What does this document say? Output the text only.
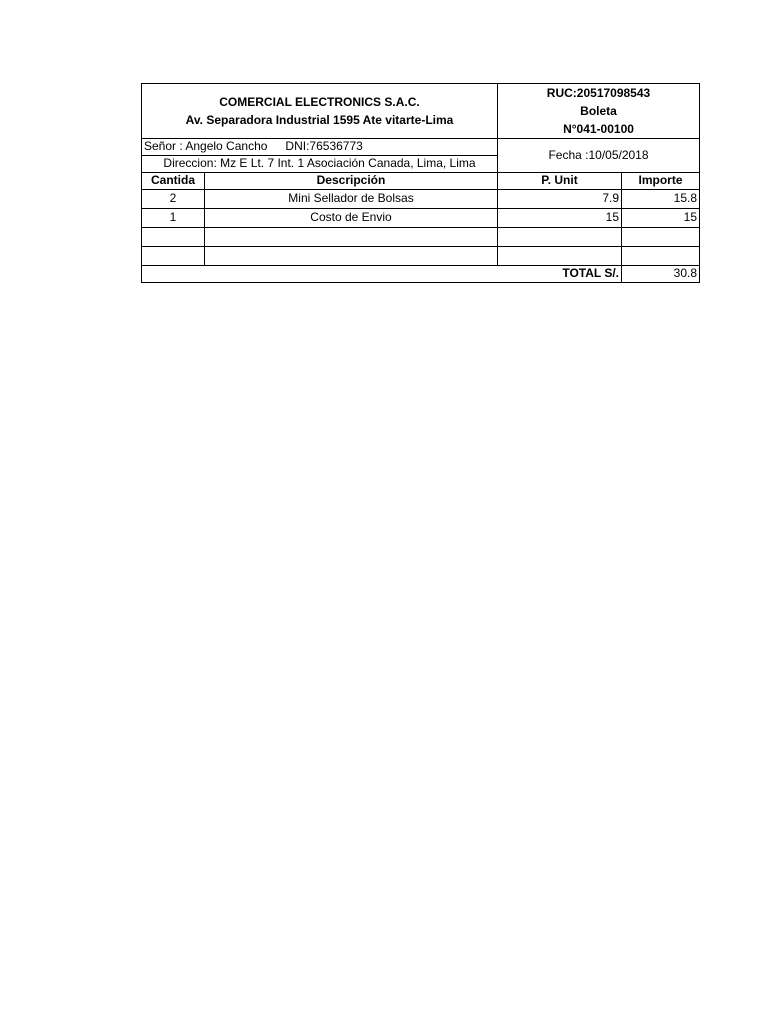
COMERCIAL ELECTRONICS S.A.C.
Av. Separadora Industrial 1595 Ate vitarte-Lima		RUC:20517098543
Boleta
N°041-00100	

Señor : Angelo Cancho DNI:76536773		Fecha :10/05/2018	
Direccion: Mz E Lt. 7 Int. 1 Asociación Canada, Lima, Lima			
Cantida	Descripción	P. Unit	Importe
2	Mini Sellador de Bolsas	7.9	15.8
1	Costo de Envio	15	15

TOTAL S/.			30.8
